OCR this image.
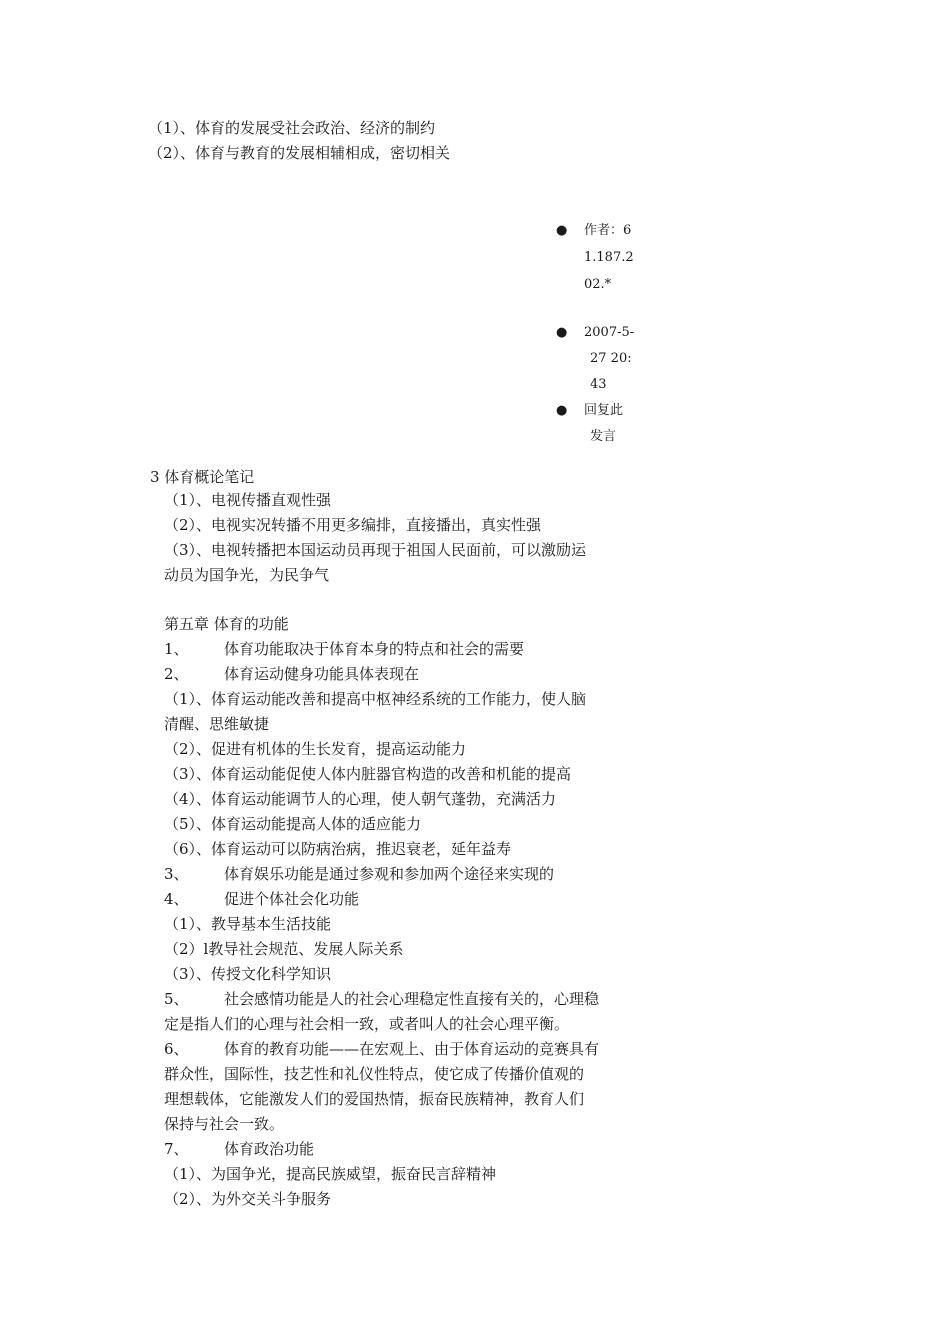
（1）、体育的发展受社会政治、经济的制约
（2）、体育与教育的发展相辅相成，密切相关
● 作者：6
1.187.2
02.*
● 2007-5-
27 20:
43
● 回复此
发言
3 体育概论笔记
（1）、电视传播直观性强
（2）、电视实况转播不用更多编排，直接播出，真实性强
（3）、电视转播把本国运动员再现于祖国人民面前，可以激励运
动员为国争光，为民争气
第五章 体育的功能
1、 体育功能取决于体育本身的特点和社会的需要
2、 体育运动健身功能具体表现在
（1）、体育运动能改善和提高中枢神经系统的工作能力，使人脑
清醒、思维敏捷
（2）、促进有机体的生长发育，提高运动能力
（3）、体育运动能促使人体内脏器官构造的改善和机能的提高
（4）、体育运动能调节人的心理，使人朝气蓬勃，充满活力
（5）、体育运动能提高人体的适应能力
（6）、体育运动可以防病治病，推迟衰老，延年益寿
3、 体育娱乐功能是通过参观和参加两个途径来实现的
4、 促进个体社会化功能
（1）、教导基本生活技能
（2）l教导社会规范、发展人际关系
（3）、传授文化科学知识
5、 社会感情功能是人的社会心理稳定性直接有关的，心理稳
定是指人们的心理与社会相一致，或者叫人的社会心理平衡。
6、 体育的教育功能——在宏观上、由于体育运动的竞赛具有
群众性，国际性，技艺性和礼仪性特点，使它成了传播价值观的
理想载体，它能激发人们的爱国热情，振奋民族精神，教育人们
保持与社会一致。
7、 体育政治功能
（1）、为国争光，提高民族威望，振奋民言辞精神
（2）、为外交关斗争服务
